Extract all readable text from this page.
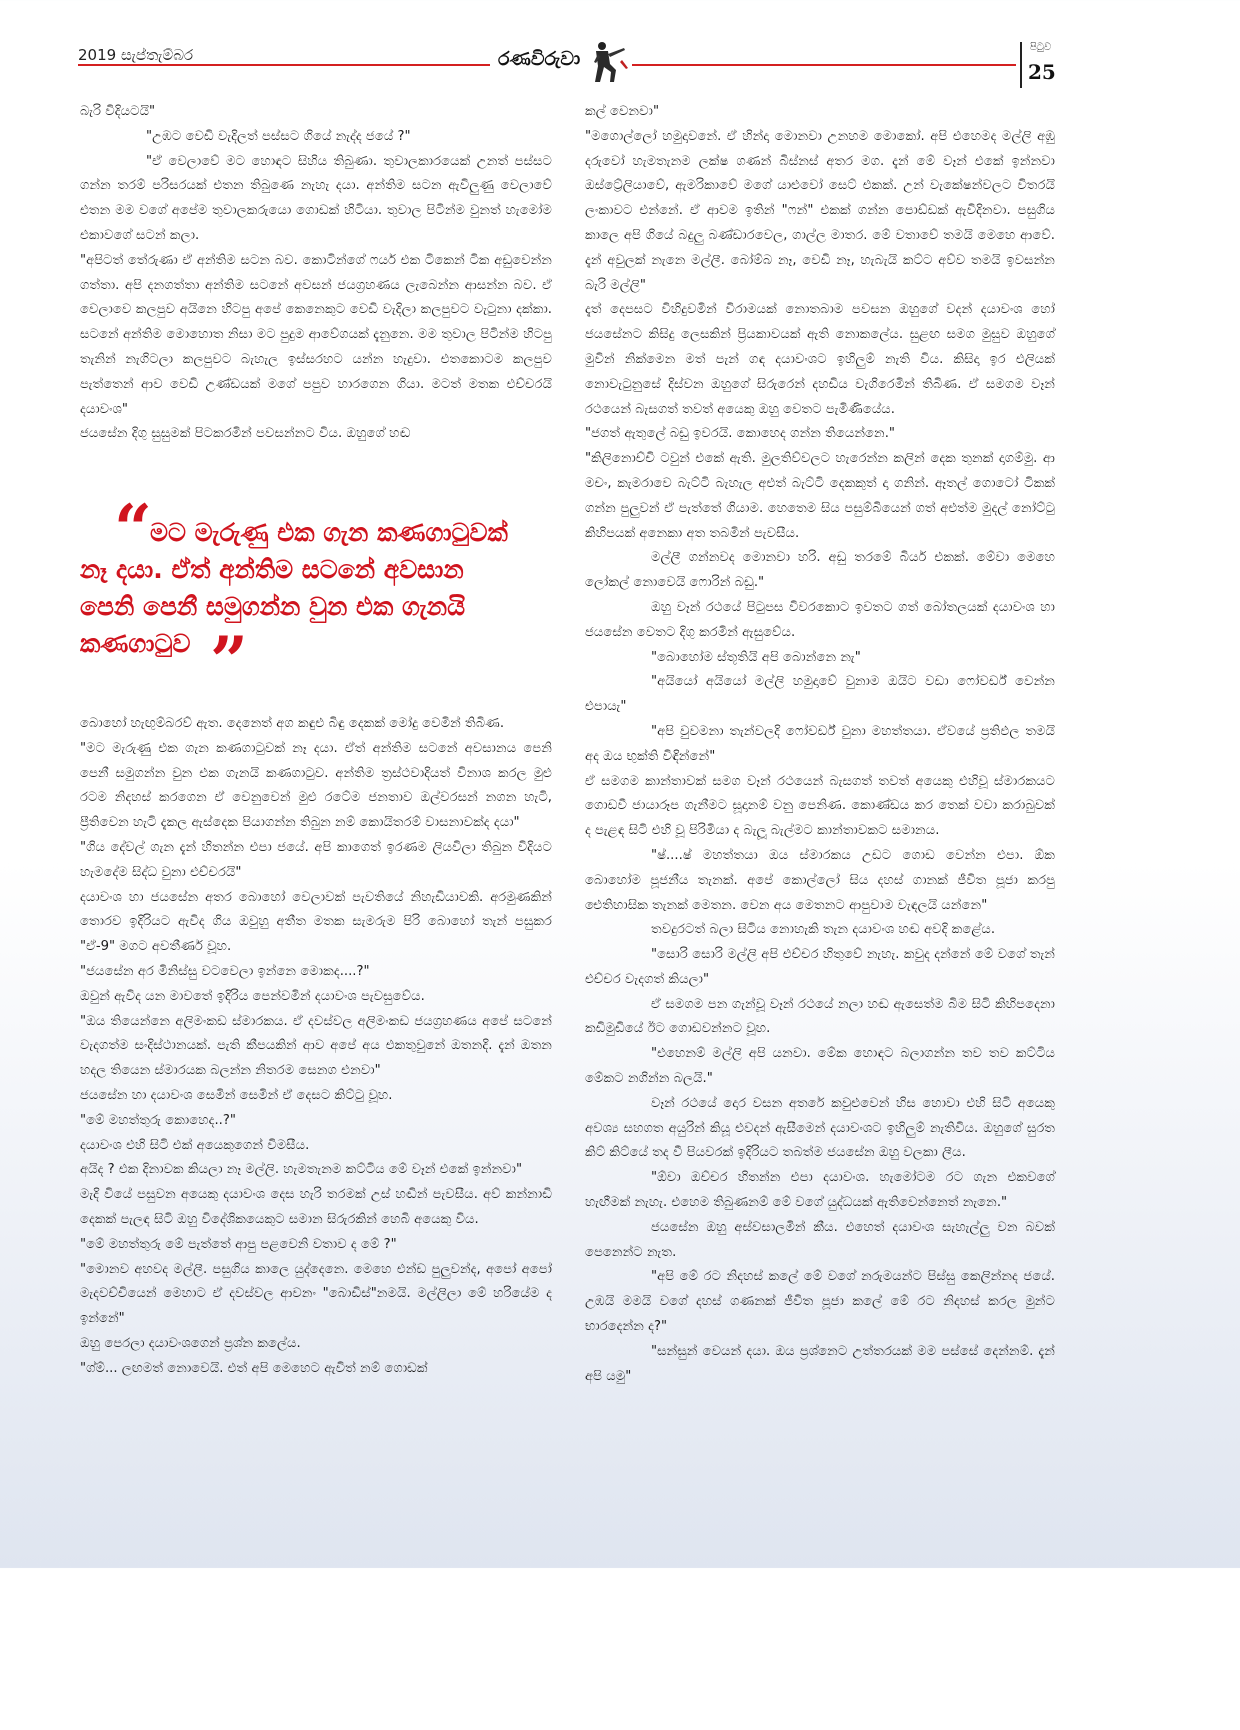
2019 සැප්තැම්බර	රණවිරුවා
පිටුව
25

බැරි විදියටයි"

"උඹට වෙඩි වැදිලත් පස්සට ගියේ නැද්ද ජයේ ?"

"ඒ වෙලාවේ මට හොඳට සිහිය තිබුණා. තුවාලකාරයෙක් උනත් පස්සට ගන්න තරම් පරිසරයක් එතන තිබුණෙ නැහැ දයා. අන්තිම සටන ඇවිලුණු වෙලාවේ එතන මම වගේ අපේම තුවාලකරුයො ගොඩක් හිටියා. තුවාල පිටින්ම වුනත් හැමෝම එකාවගේ සටන් කලා.

"අපිටත් තේරුණා ඒ අන්තිම සටන බව. කොටින්ගේ ෆයර් එක ටිකෙන් ටික අඩුවෙන්න ගත්තා. අපි දනගත්තා අන්තිම සටනේ අවසන් ජයග්‍රහණය ලැබෙන්න ආසන්න බව. ඒ වෙලාවෙ කලපුව අයිනෙ හිටපු අපේ කෙනෙකුට වෙඩි වැදිලා කලපුවට වැටුනා දක්කා. සටනේ අන්තිම මොහොත නිසා මට පුදුම ආවේගයක් දැනුනෙ. මම තුවාල පිටින්ම හිටපු තැනින් නැගිටලා කලපුවට බැහැල ඉස්සරහට යන්න හැදුවා. එතකොටම කලපුව පැත්තෙන් ආව වෙඩි උණ්ඩයක් මගේ පපුව හාරගෙන ගියා. මටත් මතක එච්චරයි දයාවංශ"

ජයසේන දිගු සුසුමක් පිටකරමින් පවසන්නට විය. ඔහුගේ හඬ

“
මට මැරුණු එක ගැන කණගාටුවක්
නෑ දයා. ඒත් අන්තිම සටනේ අවසාන
පෙනි පෙනී සමුගන්න වුන එක ගැනයි
කණගාටුව ”

බොහෝ හැඟුම්බරව් ඇත. දෙනෙත් අග කඳුළු බිඳු දෙකක් මෝදු වෙමින් තිබිණ.

"මට මැරුණු එක ගැන කණගාටුවක් නෑ දයා. ඒත් අන්තිම සටනේ අවසානය පෙනි පෙනී සමුගන්න වුන එක ගැනයි කණගාටුව. අන්තිම ත්‍රස්ථවාදියත් විනාශ කරල මුළු රටම නිදහස් කරගෙන ඒ වෙනුවෙන් මුළු රටේම ජනතාව ඔල්වරසන් නගන හැටි, ප්‍රීතිවෙන හැටි දැකල ඇස්දෙක පියාගන්න තිබුන නම් කොයිතරම් වාසනාවක්ද දයා"

"ගිය දේවල් ගැන දැන් හිතන්න එපා ජයේ. අපි කාගෙත් ඉරණම ලියවිලා තිබුන විදියට හැමදේම සිද්ධ වුනා එච්චරයි"

දයාවංශ හා ජයසේන අතර බොහෝ වෙලාවක් පැවතියේ නිහැඩියාවකි. අරමුණකින් තොරව ඉදිරියට ඇවිද ගිය ඔවුහු අතීත මතක සැමරුම පිරි බොහෝ තැන් පසුකර "ඒ-9" මගට අවතීර්ණ වූහ.

"ජයසේන අර මිනිස්සු වටවෙලා ඉන්නෙ මොකද....?"

ඔවුන් ඇවිද යන මාවතේ ඉදිරිය පෙන්වමින් දයාවංශ පැවසුවේය.

"ඔය තියෙන්නෙ අලිමංකඩ ස්මාරකය. ඒ දවස්වල අලිමංකඩ ජයග්‍රහණය අපේ සටනේ වැදගත්ම සංදිස්ථානයක්. පැති කීපයකින් ආව අපේ අය එකතුවුනේ ඔතනදි. දැන් ඔතන හදල තියෙන ස්මාරයක බලන්න නිතරම සෙනග එනවා"

ජයසේන හා දයාවංශ සෙමින් සෙමින් ඒ දෙසට කිට්ටු වූහ.

"මේ මහත්තුරු කොහෙද..?"

දයාවංශ එහි සිටි එක් අයෙකුගෙන් විමසීය.

අයිද ? එක දිනාවක කියලා නෑ මල්ලි. හැමතැනම කට්ටිය මේ වෑන් එකේ ඉන්නවා"

මැදි වියේ පසුවන අයෙකු දයාවංශ දෙස හැරි තරමක් උස් හඬින් පැවසීය. අව් කන්නාඩි දෙකක් පැලඳ සිටි ඔහු විදේශිකයෙකුට සමාන සිරුරකින් හෙබි අයෙකු විය.

"මේ මහත්තුරු මේ පැත්තේ ආපු පළවෙනි වතාව ද මේ ?"

"මොනව අහවද මල්ලී. පසුගිය කාලෙ යුද්දෙනෙ. මෙහෙ එන්ඩ පුලුවන්ද, අපෝ අපෝ මැදවච්චියෙන් මෙහාට ඒ දවස්වල ආවනං "බොඩිස්"නමයි. මල්ලිලා මේ හරියේම ද ඉන්නේ"

ඔහු පෙරලා දයාවංශගෙන් ප්‍රශ්න කලේය.

"ග්ම්... ලඟමත් නොවෙයි. එත් අපි මෙහෙට ඇවිත් නම් ගොඩක්

කල් වෙනවා"

"මගොල්ලෝ හමුදාවනේ. ඒ හින්දා මොනවා උනහම මොකෝ. අපි එහෙමද මල්ලි අඹු දරුවෝ හැමතැනම ලක්ෂ ගණන් බිස්නස් අතර මග. දැන් මේ වෑන් එකේ ඉන්නවා ඔස්ට්‍රේලියාවේ, ඇමරිකාවේ මගේ යාළුවෝ සෙට් එකක්. උන් වැකේෂන්වලට විතරයි ලංකාවට එන්නේ. ඒ ආවම ඉතින් "ෆන්" එකක් ගන්න පොඩ්ඩක් ඇවිදිනවා. පසුගිය කාලෙ අපි ගියේ බදුලු බණ්ඩාරවෙල, ගාල්ල මාතර. මේ වතාවේ තමයි මෙහෙ ආවේ. දැන් අවුලක් නැනෙ මල්ලී. බෝම්බ නෑ, වෙඩි නෑ, හැබැයි කට්ට අව්ව තමයි ඉවසන්න බැරි මල්ලි"

දැත් දෙපසට විහිදුවමින් විරාමයක් නොතබාම පවසන ඔහුගේ වදන් දයාවංශ හෝ ජයසේනට කිසිදු ලෙසකින් ප්‍රියකාවයක් ඇති නොකලේය. සුළඟ සමග මුසුව ඔහුගේ මුවින් නික්මෙන මත් පැන් ගඳ දයාවංශට ඉහිලුම් නැති විය. කිසිදා ඉර එලියක් නොවැටුනුසේ දිස්වන ඔහුගේ සිරුරෙන් දහඩිය වැගිරෙමින් තිබිණ. ඒ සමගම වෑන් රථයෙන් බැසගත් තවත් අයෙකු ඔහු වෙතට පැමිණියේය.

"ජගත් ඇතුලේ බඩු ඉවරයි. කොහෙද ගන්න තියෙන්නෙ."

"කිලිනොච්චි ටවුන් එකේ ඇති. මුලතිව්වලට හැරෙන්න කලින් දෙක තුනක් දාගම්මු. ආ මචං, කැමරාවෙ බැට්ටි බැහැල අළුත් බැට්ටි දෙකකුත් දා ගනින්. ඈතල් ගොටෝ ටිකක් ගන්න පුලුවන් ඒ පැත්තේ ගියාම. හෙතෙම සිය පසුම්බියෙන් ගත් අළුත්ම මුදල් නෝට්ටු කිහිපයක් අනෙකා අත තබමින් පැවසීය.

මල්ලී ගන්නවද මොනවා හරි. අඩු තරමේ බියර් එකක්. මේවා මෙහෙ ලෝකල් නොවෙයි ෆොරින් බඩු."

ඔහු වෑන් රථයේ පිටුපස විවරකොට ඉවතට ගත් බෝතලයක් දයාවංශ හා ජයසේන වෙතට දිගු කරමින් ඇසුවේය.

"බොහෝම ස්තූතියි අපි බොන්නෙ නැ"

"අයියෝ අයියෝ මල්ලි හමුදාවේ වුනාම ඔයිට වඩා ෆෝවර්ඩ් වෙන්න එපායැ"

"අපි වුවමනා තැන්වලදි ෆෝවර්ඩ් වුනා මහත්තයා. ඒවයේ ප්‍රතිඵල තමයි අද ඔය භුක්ති විඳින්නේ"

ඒ සමගම කාන්තාවක් සමග වෑන් රථයෙන් බැසගත් තවත් අයෙකු එහිවූ ස්මාරකයට ගොඩවී ජායාරූප ගැනීමට සූදානම් වනු පෙනිණ. කොණ්ඩය කර තෙක් වවා කරාබුවක් ද පැළඳ සිටි එහි වූ පිරිමියා ද බැලූ බැල්මට කාන්තාවකට සමානය.

"ෂ්....ෂ් මහත්තයා ඔය ස්මාරකය උඩට ගොඩ වෙන්න එපා. ඕක බොහෝම පූජනීය තැනක්. අපේ කොල්ලෝ සිය දහස් ගානක් ජීවිත පූජා කරපු ඓතිහාසික තැනක් මෙතන. වෙන අය මෙතනට ආපුවාම වැඳලයි යන්නෙ"

තවදුරටත් බලා සිටිය නොහැකි තැන දයාවංශ හඬ අවදි කළේය.

"සොරි සොරි මල්ලි අපි එච්චර හිතුවේ නැහැ. කවුද දන්නේ මේ වගේ තැන් එච්චර වැදගත් කියලා"

ඒ සමගම පන ගැන්වූ වෑන් රථයේ නලා හඬ ඇසෙත්ම බිම සිටි කිහිපදෙනා කඩිමුඩියේ ඊට ගොඩවන්නට වූහ.

"එහෙනම් මල්ලි අපි යනවා. මේක හොඳට බලාගන්න තව තව කට්ටිය මේකට නගින්න බලයි."

වෑන් රථයේ දොර වසන අතරේ කවුළුවෙන් හිස හොවා එහි සිටි අයෙකු අවශ්‍ය සහගත අයුරින් කියූ එවදන් ඇසීමෙන් දයාවංශට ඉහිලුම් නැතිවිය. ඔහුගේ සුරත කිට් කිට්යේ තද වී පියවරක් ඉදිරියට තබත්ම ජයසේන ඔහු වලකා ලීය.

"ඕවා ඔච්චර හිතන්න එපා දයාවංශ. හැමෝටම රට ගැන එකවගේ හැඟීමක් නැහැ. එහෙම තිබුණනම් මේ වගේ යුද්ධයක් ඇතිවෙන්නෙත් නැනෙ."

ජයසේන ඔහු අස්වසාලමින් කීය. එහෙත් දයාවංශ සැහැල්ලු වන බවක් පෙනෙන්ට නැත.

"අපි මේ රට නිදහස් කලේ මේ වගේ නරුමයන්ට පිස්සු කෙලින්නද ජයේ. උඹයි මමයි වගේ දහස් ගණනක් ජීවිත පූජා කලේ මේ රට නිදහස් කරල මුන්ට භාරදෙන්න ද?"

"සන්සුන් වෙයන් දයා. ඔය ප්‍රශ්නෙට උත්තරයක් මම පස්සේ දෙන්නම්. දැන් අපි යමු"
